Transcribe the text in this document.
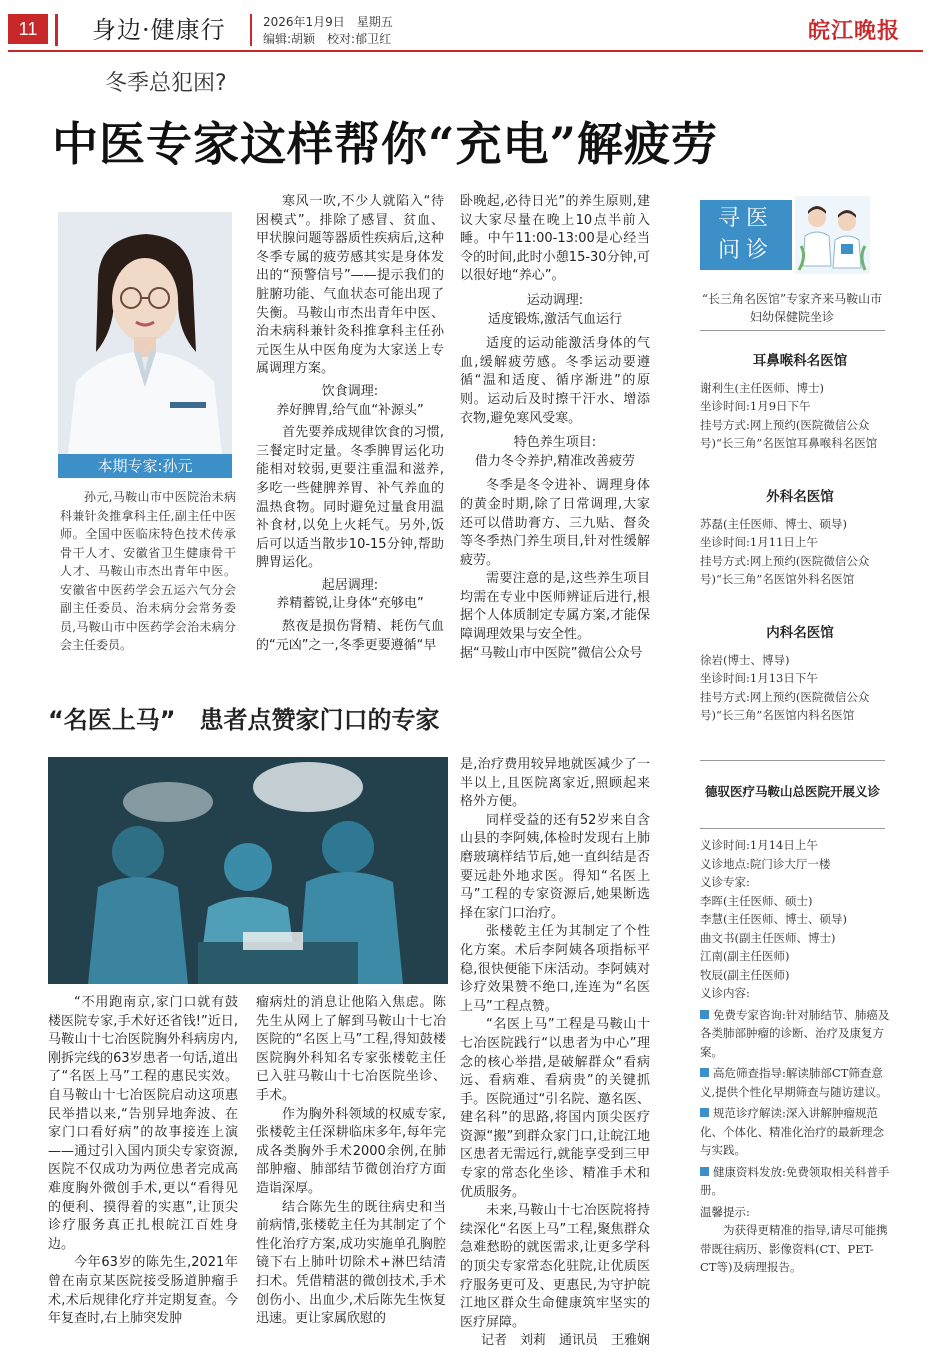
11	身边·健康行	2026年1月9日　星期五
编辑:胡颖　校对:郁卫红	皖江晚报
冬季总犯困?
中医专家这样帮你“充电”解疲劳
本期专家:孙元
孙元,马鞍山市中医院治未病科兼针灸推拿科主任,副主任中医师。全国中医临床特色技术传承骨干人才、安徽省卫生健康骨干人才、马鞍山市杰出青年中医。安徽省中医药学会五运六气分会副主任委员、治未病分会常务委员,马鞍山市中医药学会治未病分会主任委员。

寒风一吹,不少人就陷入“待困模式”。排除了感冒、贫血、甲状腺问题等器质性疾病后,这种冬季专属的疲劳感其实是身体发出的“预警信号”——提示我们的脏腑功能、气血状态可能出现了失衡。马鞍山市杰出青年中医、治未病科兼针灸科推拿科主任孙元医生从中医角度为大家送上专属调理方案。

饮食调理:
养好脾胃,给气血“补源头”

首先要养成规律饮食的习惯,三餐定时定量。冬季脾胃运化功能相对较弱,更要注重温和滋养,多吃一些健脾养胃、补气养血的温热食物。同时避免过量食用温补食材,以免上火耗气。另外,饭后可以适当散步10-15分钟,帮助脾胃运化。

起居调理:
养精蓄锐,让身体“充够电”

熬夜是损伤肾精、耗伤气血的“元凶”之一,冬季更要遵循“早

卧晚起,必待日光”的养生原则,建议大家尽量在晚上10点半前入睡。中午11:00-13:00是心经当令的时间,此时小憩15-30分钟,可以很好地“养心”。
运动调理:
适度锻炼,激活气血运行

适度的运动能激活身体的气血,缓解疲劳感。冬季运动要遵循“温和适度、循序渐进”的原则。运动后及时擦干汗水、增添衣物,避免寒风受寒。

特色养生项目:
借力冬令养护,精准改善疲劳

冬季是冬令进补、调理身体的黄金时期,除了日常调理,大家还可以借助膏方、三九贴、督灸等冬季热门养生项目,针对性缓解疲劳。

需要注意的是,这些养生项目均需在专业中医师辨证后进行,根据个人体质制定专属方案,才能保障调理效果与安全性。

据“马鞍山市中医院”微信公众号
寻医
问诊
“长三角名医馆”专家齐来马鞍山市妇幼保健院坐诊
耳鼻喉科名医馆
谢利生(主任医师、博士)
坐诊时间:1月9日下午
挂号方式:网上预约(医院微信公众号)“长三角”名医馆耳鼻喉科名医馆
外科名医馆
苏磊(主任医师、博士、硕导)
坐诊时间:1月11日上午
挂号方式:网上预约(医院微信公众号)“长三角”名医馆外科名医馆
内科名医馆
徐岩(博士、博导)
坐诊时间:1月13日下午
挂号方式:网上预约(医院微信公众号)“长三角”名医馆内科名医馆
德驭医疗马鞍山总医院开展义诊
义诊时间:1月14日上午
义诊地点:院门诊大厅一楼
义诊专家:
李晖(主任医师、硕士)
李慧(主任医师、博士、硕导)
曲文书(副主任医师、博士)
江南(副主任医师)
牧辰(副主任医师)
义诊内容:
免费专家咨询:针对肺结节、肺癌及各类肺部肿瘤的诊断、治疗及康复方案。
高危筛查指导:解读肺部CT筛查意义,提供个性化早期筛查与随访建议。
规范诊疗解读:深入讲解肿瘤规范化、个体化、精准化治疗的最新理念与实践。
健康资料发放:免费领取相关科普手册。
温馨提示:
为获得更精准的指导,请尽可能携带既往病历、影像资料(CT、PET-CT等)及病理报告。
“名医上马”　患者点赞家门口的专家

“不用跑南京,家门口就有鼓楼医院专家,手术好还省钱!”近日,马鞍山十七冶医院胸外科病房内,刚拆完线的63岁患者一句话,道出了“名医上马”工程的惠民实效。自马鞍山十七冶医院启动这项惠民举措以来,“告别异地奔波、在家门口看好病”的故事接连上演——通过引入国内顶尖专家资源,医院不仅成功为两位患者完成高难度胸外微创手术,更以“看得见的便利、摸得着的实惠”,让顶尖诊疗服务真正扎根皖江百姓身边。

今年63岁的陈先生,2021年曾在南京某医院接受肠道肿瘤手术,术后规律化疗并定期复查。今年复查时,右上肺突发肿

瘤病灶的消息让他陷入焦虑。陈先生从网上了解到马鞍山十七冶医院的“名医上马”工程,得知鼓楼医院胸外科知名专家张楼乾主任已入驻马鞍山十七冶医院坐诊、手术。

作为胸外科领域的权威专家,张楼乾主任深耕临床多年,每年完成各类胸外手术2000余例,在肺部肿瘤、肺部结节微创治疗方面造诣深厚。

结合陈先生的既往病史和当前病情,张楼乾主任为其制定了个性化治疗方案,成功实施单孔胸腔镜下右上肺叶切除术+淋巴结清扫术。凭借精湛的微创技术,手术创伤小、出血少,术后陈先生恢复迅速。更让家属欣慰的

是,治疗费用较异地就医减少了一半以上,且医院离家近,照顾起来格外方便。

同样受益的还有52岁来自含山县的李阿姨,体检时发现右上肺磨玻璃样结节后,她一直纠结是否要远赴外地求医。得知“名医上马”工程的专家资源后,她果断选择在家门口治疗。

张楼乾主任为其制定了个性化方案。术后李阿姨各项指标平稳,很快便能下床活动。李阿姨对诊疗效果赞不绝口,连连为“名医上马”工程点赞。

“名医上马”工程是马鞍山十七冶医院践行“以患者为中心”理念的核心举措,是破解群众“看病远、看病难、看病贵”的关键抓手。医院通过“引名院、邀名医、建名科”的思路,将国内顶尖医疗资源“搬”到群众家门口,让皖江地区患者无需远行,就能享受到三甲专家的常态化坐诊、精准手术和优质服务。

未来,马鞍山十七冶医院将持续深化“名医上马”工程,聚焦群众急难愁盼的就医需求,让更多学科的顶尖专家常态化驻院,让优质医疗服务更可及、更惠民,为守护皖江地区群众生命健康筑牢坚实的医疗屏障。

记者　刘莉　通讯员　王雅娴
